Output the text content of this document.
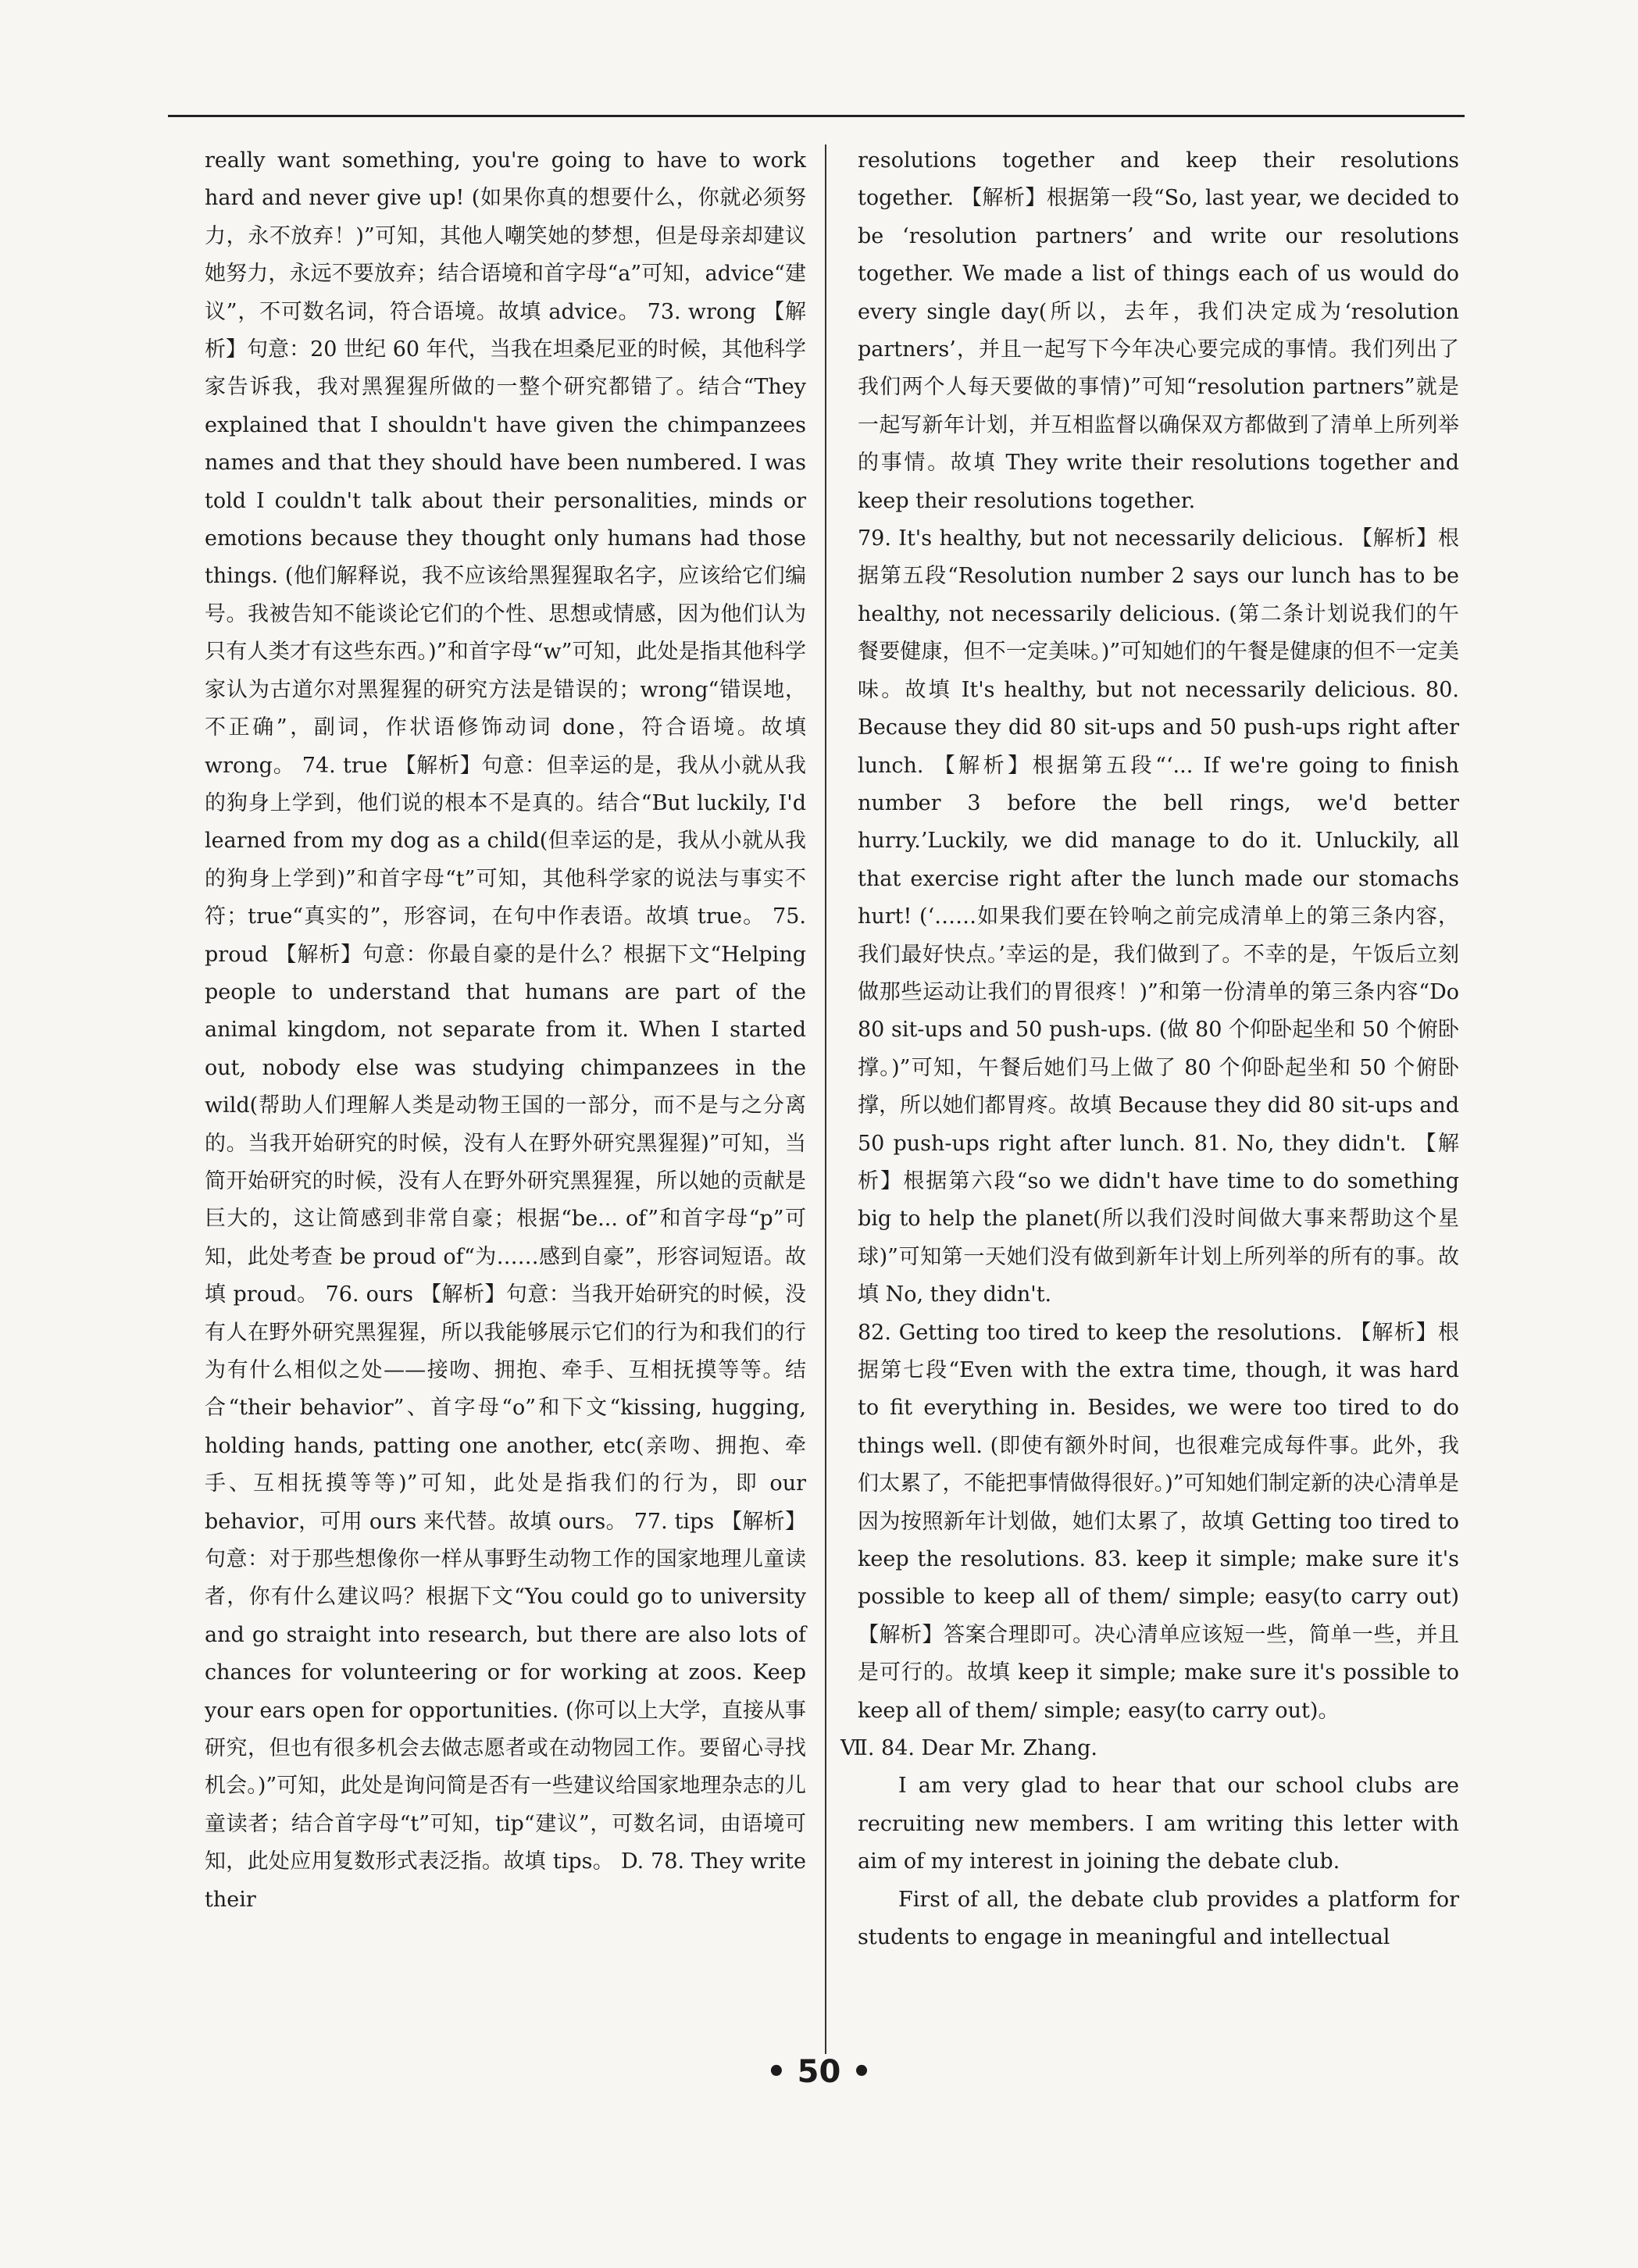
really want something, you're going to have to work hard and never give up! (如果你真的想要什么，你就必须努力，永不放弃！)”可知，其他人嘲笑她的梦想，但是母亲却建议她努力，永远不要放弃；结合语境和首字母“a”可知，advice“建议”，不可数名词，符合语境。故填 advice。 73. wrong 【解析】句意：20 世纪 60 年代，当我在坦桑尼亚的时候，其他科学家告诉我，我对黑猩猩所做的一整个研究都错了。结合“They explained that I shouldn't have given the chimpanzees names and that they should have been numbered. I was told I couldn't talk about their personalities, minds or emotions because they thought only humans had those things. (他们解释说，我不应该给黑猩猩取名字，应该给它们编号。我被告知不能谈论它们的个性、思想或情感，因为他们认为只有人类才有这些东西。)”和首字母“w”可知，此处是指其他科学家认为古道尔对黑猩猩的研究方法是错误的；wrong“错误地，不正确”，副词，作状语修饰动词 done，符合语境。故填 wrong。 74. true 【解析】句意：但幸运的是，我从小就从我的狗身上学到，他们说的根本不是真的。结合“But luckily, I'd learned from my dog as a child(但幸运的是，我从小就从我的狗身上学到)”和首字母“t”可知，其他科学家的说法与事实不符；true“真实的”，形容词，在句中作表语。故填 true。 75. proud 【解析】句意：你最自豪的是什么？根据下文“Helping people to understand that humans are part of the animal kingdom, not separate from it. When I started out, nobody else was studying chimpanzees in the wild(帮助人们理解人类是动物王国的一部分，而不是与之分离的。当我开始研究的时候，没有人在野外研究黑猩猩)”可知，当简开始研究的时候，没有人在野外研究黑猩猩，所以她的贡献是巨大的，这让简感到非常自豪；根据“be... of”和首字母“p”可知，此处考查 be proud of“为……感到自豪”，形容词短语。故填 proud。 76. ours 【解析】句意：当我开始研究的时候，没有人在野外研究黑猩猩，所以我能够展示它们的行为和我们的行为有什么相似之处——接吻、拥抱、牵手、互相抚摸等等。结合“their behavior”、首字母“o”和下文“kissing, hugging, holding hands, patting one another, etc(亲吻、拥抱、牵手、互相抚摸等等)”可知，此处是指我们的行为，即 our behavior，可用 ours 来代替。故填 ours。 77. tips 【解析】句意：对于那些想像你一样从事野生动物工作的国家地理儿童读者，你有什么建议吗？根据下文“You could go to university and go straight into research, but there are also lots of chances for volunteering or for working at zoos. Keep your ears open for opportunities. (你可以上大学，直接从事研究，但也有很多机会去做志愿者或在动物园工作。要留心寻找机会。)”可知，此处是询问简是否有一些建议给国家地理杂志的儿童读者；结合首字母“t”可知，tip“建议”，可数名词，由语境可知，此处应用复数形式表泛指。故填 tips。 D. 78. They write their

resolutions together and keep their resolutions together. 【解析】根据第一段“So, last year, we decided to be ‘resolution partners’ and write our resolutions together. We made a list of things each of us would do every single day(所以，去年，我们决定成为‘resolution partners’，并且一起写下今年决心要完成的事情。我们列出了我们两个人每天要做的事情)”可知“resolution partners”就是一起写新年计划，并互相监督以确保双方都做到了清单上所列举的事情。故填 They write their resolutions together and keep their resolutions together.

79. It's healthy, but not necessarily delicious. 【解析】根据第五段“Resolution number 2 says our lunch has to be healthy, not necessarily delicious. (第二条计划说我们的午餐要健康，但不一定美味。)”可知她们的午餐是健康的但不一定美味。故填 It's healthy, but not necessarily delicious. 80. Because they did 80 sit-ups and 50 push-ups right after lunch. 【解析】根据第五段“‘... If we're going to finish number 3 before the bell rings, we'd better hurry.’Luckily, we did manage to do it. Unluckily, all that exercise right after the lunch made our stomachs hurt! (‘……如果我们要在铃响之前完成清单上的第三条内容，我们最好快点。’幸运的是，我们做到了。不幸的是，午饭后立刻做那些运动让我们的胃很疼！)”和第一份清单的第三条内容“Do 80 sit-ups and 50 push-ups. (做 80 个仰卧起坐和 50 个俯卧撑。)”可知，午餐后她们马上做了 80 个仰卧起坐和 50 个俯卧撑，所以她们都胃疼。故填 Because they did 80 sit-ups and 50 push-ups right after lunch. 81. No, they didn't. 【解析】根据第六段“so we didn't have time to do something big to help the planet(所以我们没时间做大事来帮助这个星球)”可知第一天她们没有做到新年计划上所列举的所有的事。故填 No, they didn't.

82. Getting too tired to keep the resolutions. 【解析】根据第七段“Even with the extra time, though, it was hard to fit everything in. Besides, we were too tired to do things well. (即使有额外时间，也很难完成每件事。此外，我们太累了，不能把事情做得很好。)”可知她们制定新的决心清单是因为按照新年计划做，她们太累了，故填 Getting too tired to keep the resolutions. 83. keep it simple; make sure it's possible to keep all of them/ simple; easy(to carry out) 【解析】答案合理即可。决心清单应该短一些，简单一些，并且是可行的。故填 keep it simple; make sure it's possible to keep all of them/ simple; easy(to carry out)。

Ⅶ. 84. Dear Mr. Zhang.

I am very glad to hear that our school clubs are recruiting new members. I am writing this letter with aim of my interest in joining the debate club.

First of all, the debate club provides a platform for students to engage in meaningful and intellectual

• 50 •
